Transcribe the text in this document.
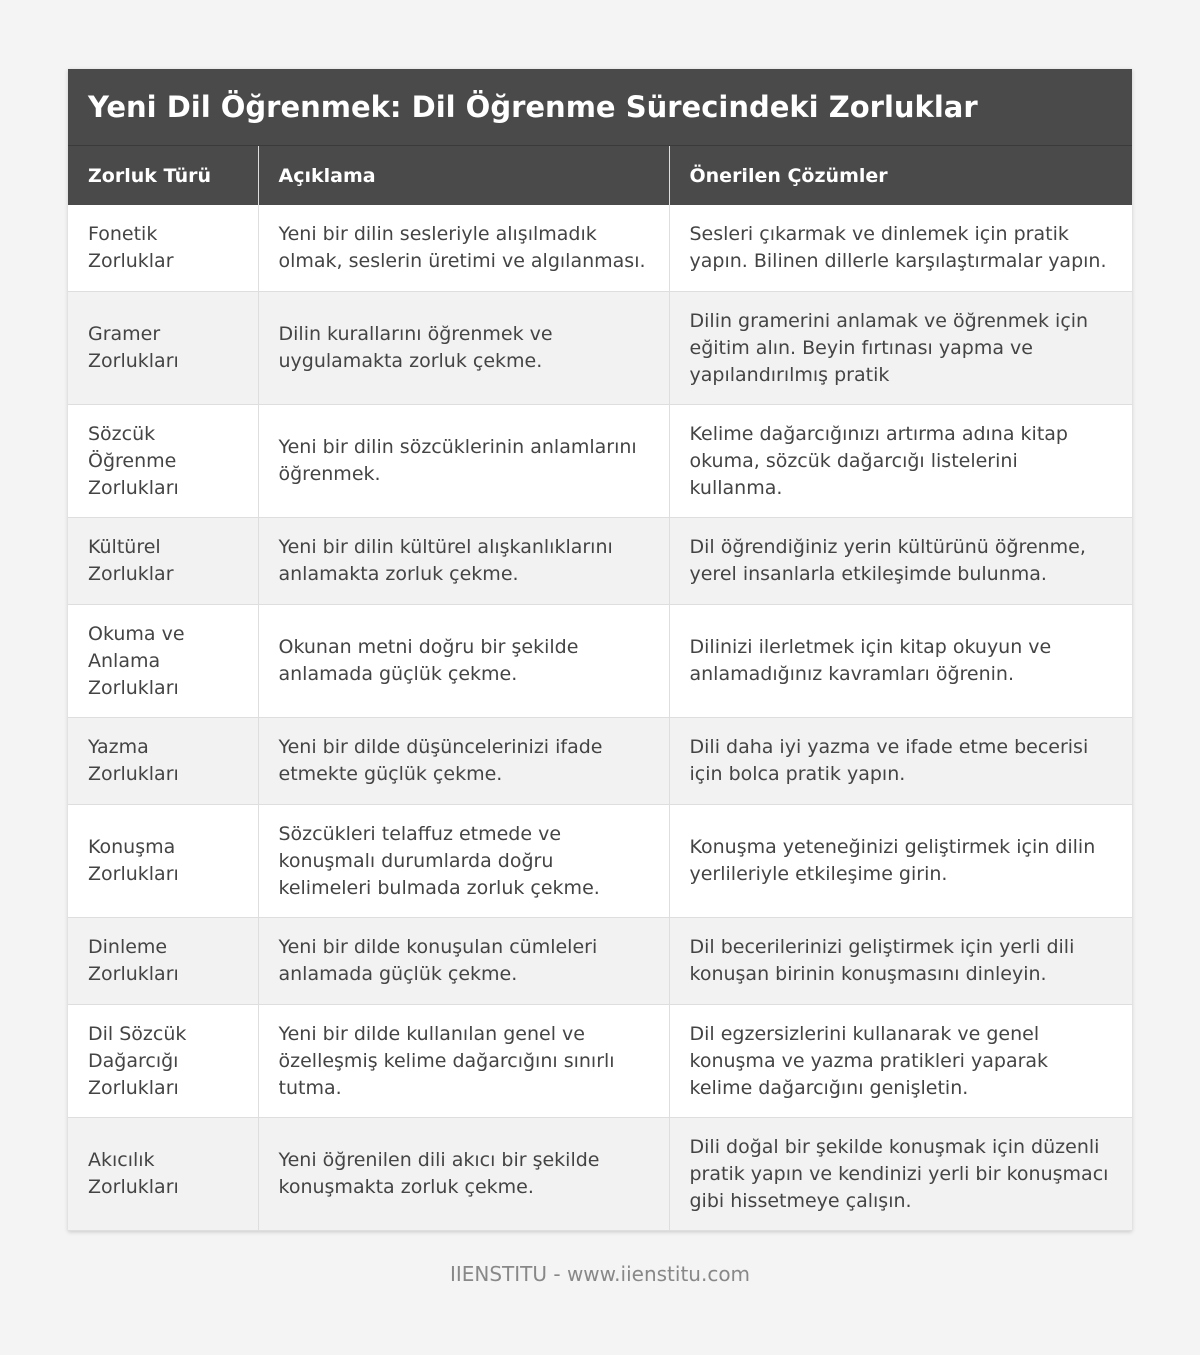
Yeni Dil Öğrenmek: Dil Öğrenme Sürecindeki Zorluklar
Zorluk Türü	Açıklama	Önerilen Çözümler
Fonetik Zorluklar	Yeni bir dilin sesleriyle alışılmadık olmak, seslerin üretimi ve algılanması.	Sesleri çıkarmak ve dinlemek için pratik yapın. Bilinen dillerle karşılaştırmalar yapın.
Gramer Zorlukları	Dilin kurallarını öğrenmek ve uygulamakta zorluk çekme.	Dilin gramerini anlamak ve öğrenmek için eğitim alın. Beyin fırtınası yapma ve yapılandırılmış pratik
Sözcük Öğrenme Zorlukları	Yeni bir dilin sözcüklerinin anlamlarını öğrenmek.	Kelime dağarcığınızı artırma adına kitap okuma, sözcük dağarcığı listelerini kullanma.
Kültürel Zorluklar	Yeni bir dilin kültürel alışkanlıklarını anlamakta zorluk çekme.	Dil öğrendiğiniz yerin kültürünü öğrenme, yerel insanlarla etkileşimde bulunma.
Okuma ve Anlama Zorlukları	Okunan metni doğru bir şekilde anlamada güçlük çekme.	Dilinizi ilerletmek için kitap okuyun ve anlamadığınız kavramları öğrenin.
Yazma Zorlukları	Yeni bir dilde düşüncelerinizi ifade etmekte güçlük çekme.	Dili daha iyi yazma ve ifade etme becerisi için bolca pratik yapın.
Konuşma Zorlukları	Sözcükleri telaffuz etmede ve konuşmalı durumlarda doğru kelimeleri bulmada zorluk çekme.	Konuşma yeteneğinizi geliştirmek için dilin yerlileriyle etkileşime girin.
Dinleme Zorlukları	Yeni bir dilde konuşulan cümleleri anlamada güçlük çekme.	Dil becerilerinizi geliştirmek için yerli dili konuşan birinin konuşmasını dinleyin.
Dil Sözcük Dağarcığı Zorlukları	Yeni bir dilde kullanılan genel ve özelleşmiş kelime dağarcığını sınırlı tutma.	Dil egzersizlerini kullanarak ve genel konuşma ve yazma pratikleri yaparak kelime dağarcığını genişletin.
Akıcılık Zorlukları	Yeni öğrenilen dili akıcı bir şekilde konuşmakta zorluk çekme.	Dili doğal bir şekilde konuşmak için düzenli pratik yapın ve kendinizi yerli bir konuşmacı gibi hissetmeye çalışın.
IIENSTITU - www.iienstitu.com
